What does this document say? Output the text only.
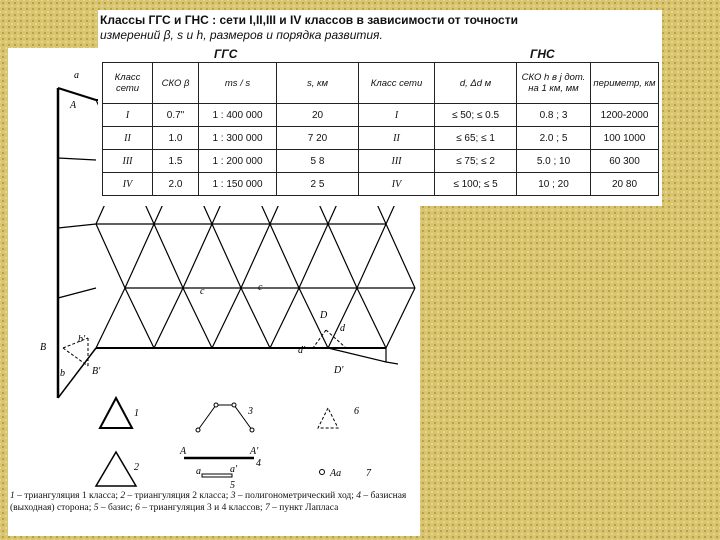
a
A
B
b'
b	B'
c	c
D
d
d'
D'
1
2
3	6
A	A'
4
a	a'
5
Aa 7
1 – триангуляция 1 класса; 2 – триангуляция 2 класса; 3 – полигонометрический ход; 4 – базисная (выходная) сторона; 5 – базис; 6 – триангуляция 3 и 4 классов; 7 – пункт Лапласа
Классы ГГС и ГНС : сети I,II,III и IV классов в зависимости от точности
измерений β, s и h, размеров и порядка развития.
ГГС	ГНС
Класс сети	СКО β	ms / s	s, км	Класс сети	d, Δd м	СКО h в ј дот. на 1 км, мм	периметр, км
I	0.7"	1 : 400 000	20	I	≤ 50; ≤ 0.5	0.8 ; 3	1200-2000
II	1.0	1 : 300 000	7 20	II	≤ 65; ≤ 1	2.0 ; 5	100 1000
III	1.5	1 : 200 000	5 8	III	≤ 75; ≤ 2	5.0 ; 10	60 300
IV	2.0	1 : 150 000	2 5	IV	≤ 100; ≤ 5	10 ; 20	20 80
